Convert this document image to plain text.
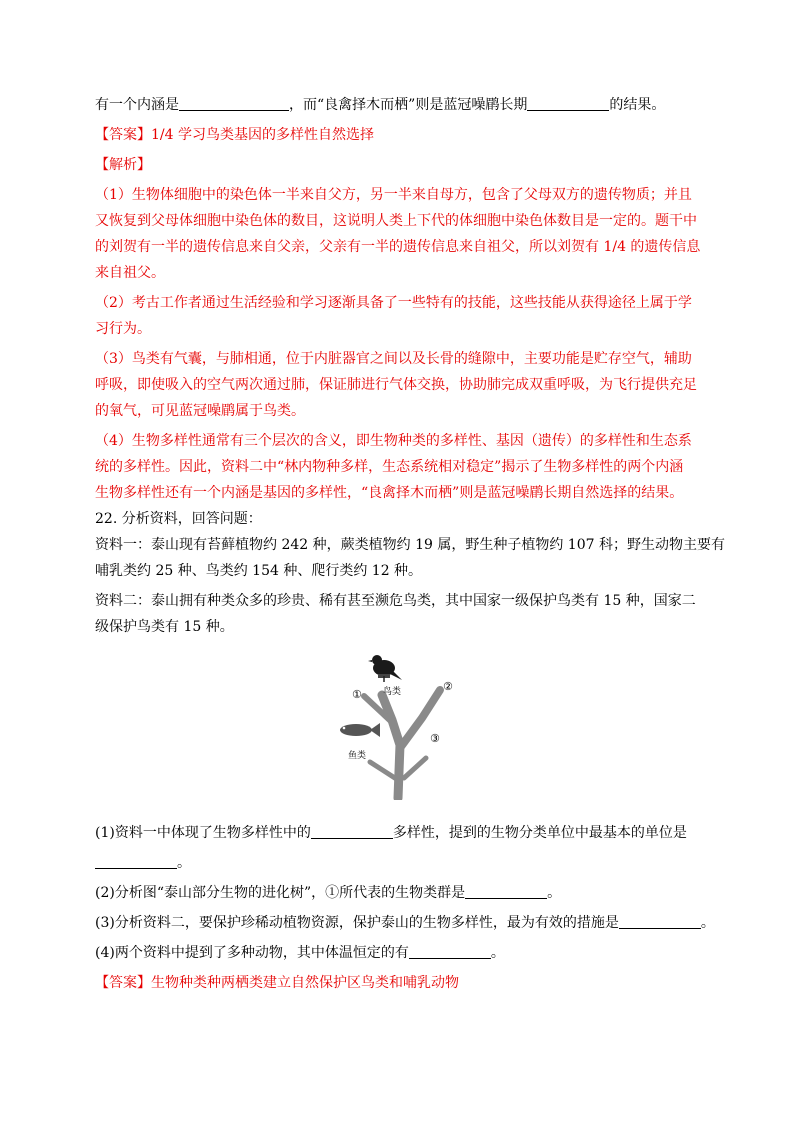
有一个内涵是	，而“良禽择木而栖”则是蓝冠噪鹛长期	的结果。

【答案】1/4 学习鸟类基因的多样性自然选择

【解析】

（1）生物体细胞中的染色体一半来自父方，另一半来自母方，包含了父母双方的遗传物质；并且

又恢复到父母体细胞中染色体的数目，这说明人类上下代的体细胞中染色体数目是一定的。题干中

的刘贺有一半的遗传信息来自父亲，父亲有一半的遗传信息来自祖父，所以刘贺有 1/4 的遗传信息

来自祖父。

（2）考古工作者通过生活经验和学习逐渐具备了一些特有的技能，这些技能从获得途径上属于学

习行为。

（3）鸟类有气囊，与肺相通，位于内脏器官之间以及长骨的缝隙中，主要功能是贮存空气，辅助

呼吸，即使吸入的空气两次通过肺，保证肺进行气体交换，协助肺完成双重呼吸，为飞行提供充足

的氧气，可见蓝冠噪鹛属于鸟类。

（4）生物多样性通常有三个层次的含义，即生物种类的多样性、基因（遗传）的多样性和生态系

统的多样性。因此，资料二中“林内物种多样，生态系统相对稳定”揭示了生物多样性的两个内涵

生物多样性还有一个内涵是基因的多样性，“良禽择木而栖”则是蓝冠噪鹛长期自然选择的结果。

22. 分析资料，回答问题：

资料一：泰山现有苔藓植物约 242 种，蕨类植物约 19 属，野生种子植物约 107 科；野生动物主要有

哺乳类约 25 种、鸟类约 154 种、爬行类约 12 种。

资料二：泰山拥有种类众多的珍贵、稀有甚至濒危鸟类，其中国家一级保护鸟类有 15 种，国家二

级保护鸟类有 15 种。

鸟类
鱼类
①
②
③

(1)资料一中体现了生物多样性中的	多样性，提到的生物分类单位中最基本的单位是

。

(2)分析图“泰山部分生物的进化树”，①所代表的生物类群是	。

(3)分析资料二，要保护珍稀动植物资源，保护泰山的生物多样性，最为有效的措施是	。

(4)两个资料中提到了多种动物，其中体温恒定的有	。

【答案】生物种类种两栖类建立自然保护区鸟类和哺乳动物
